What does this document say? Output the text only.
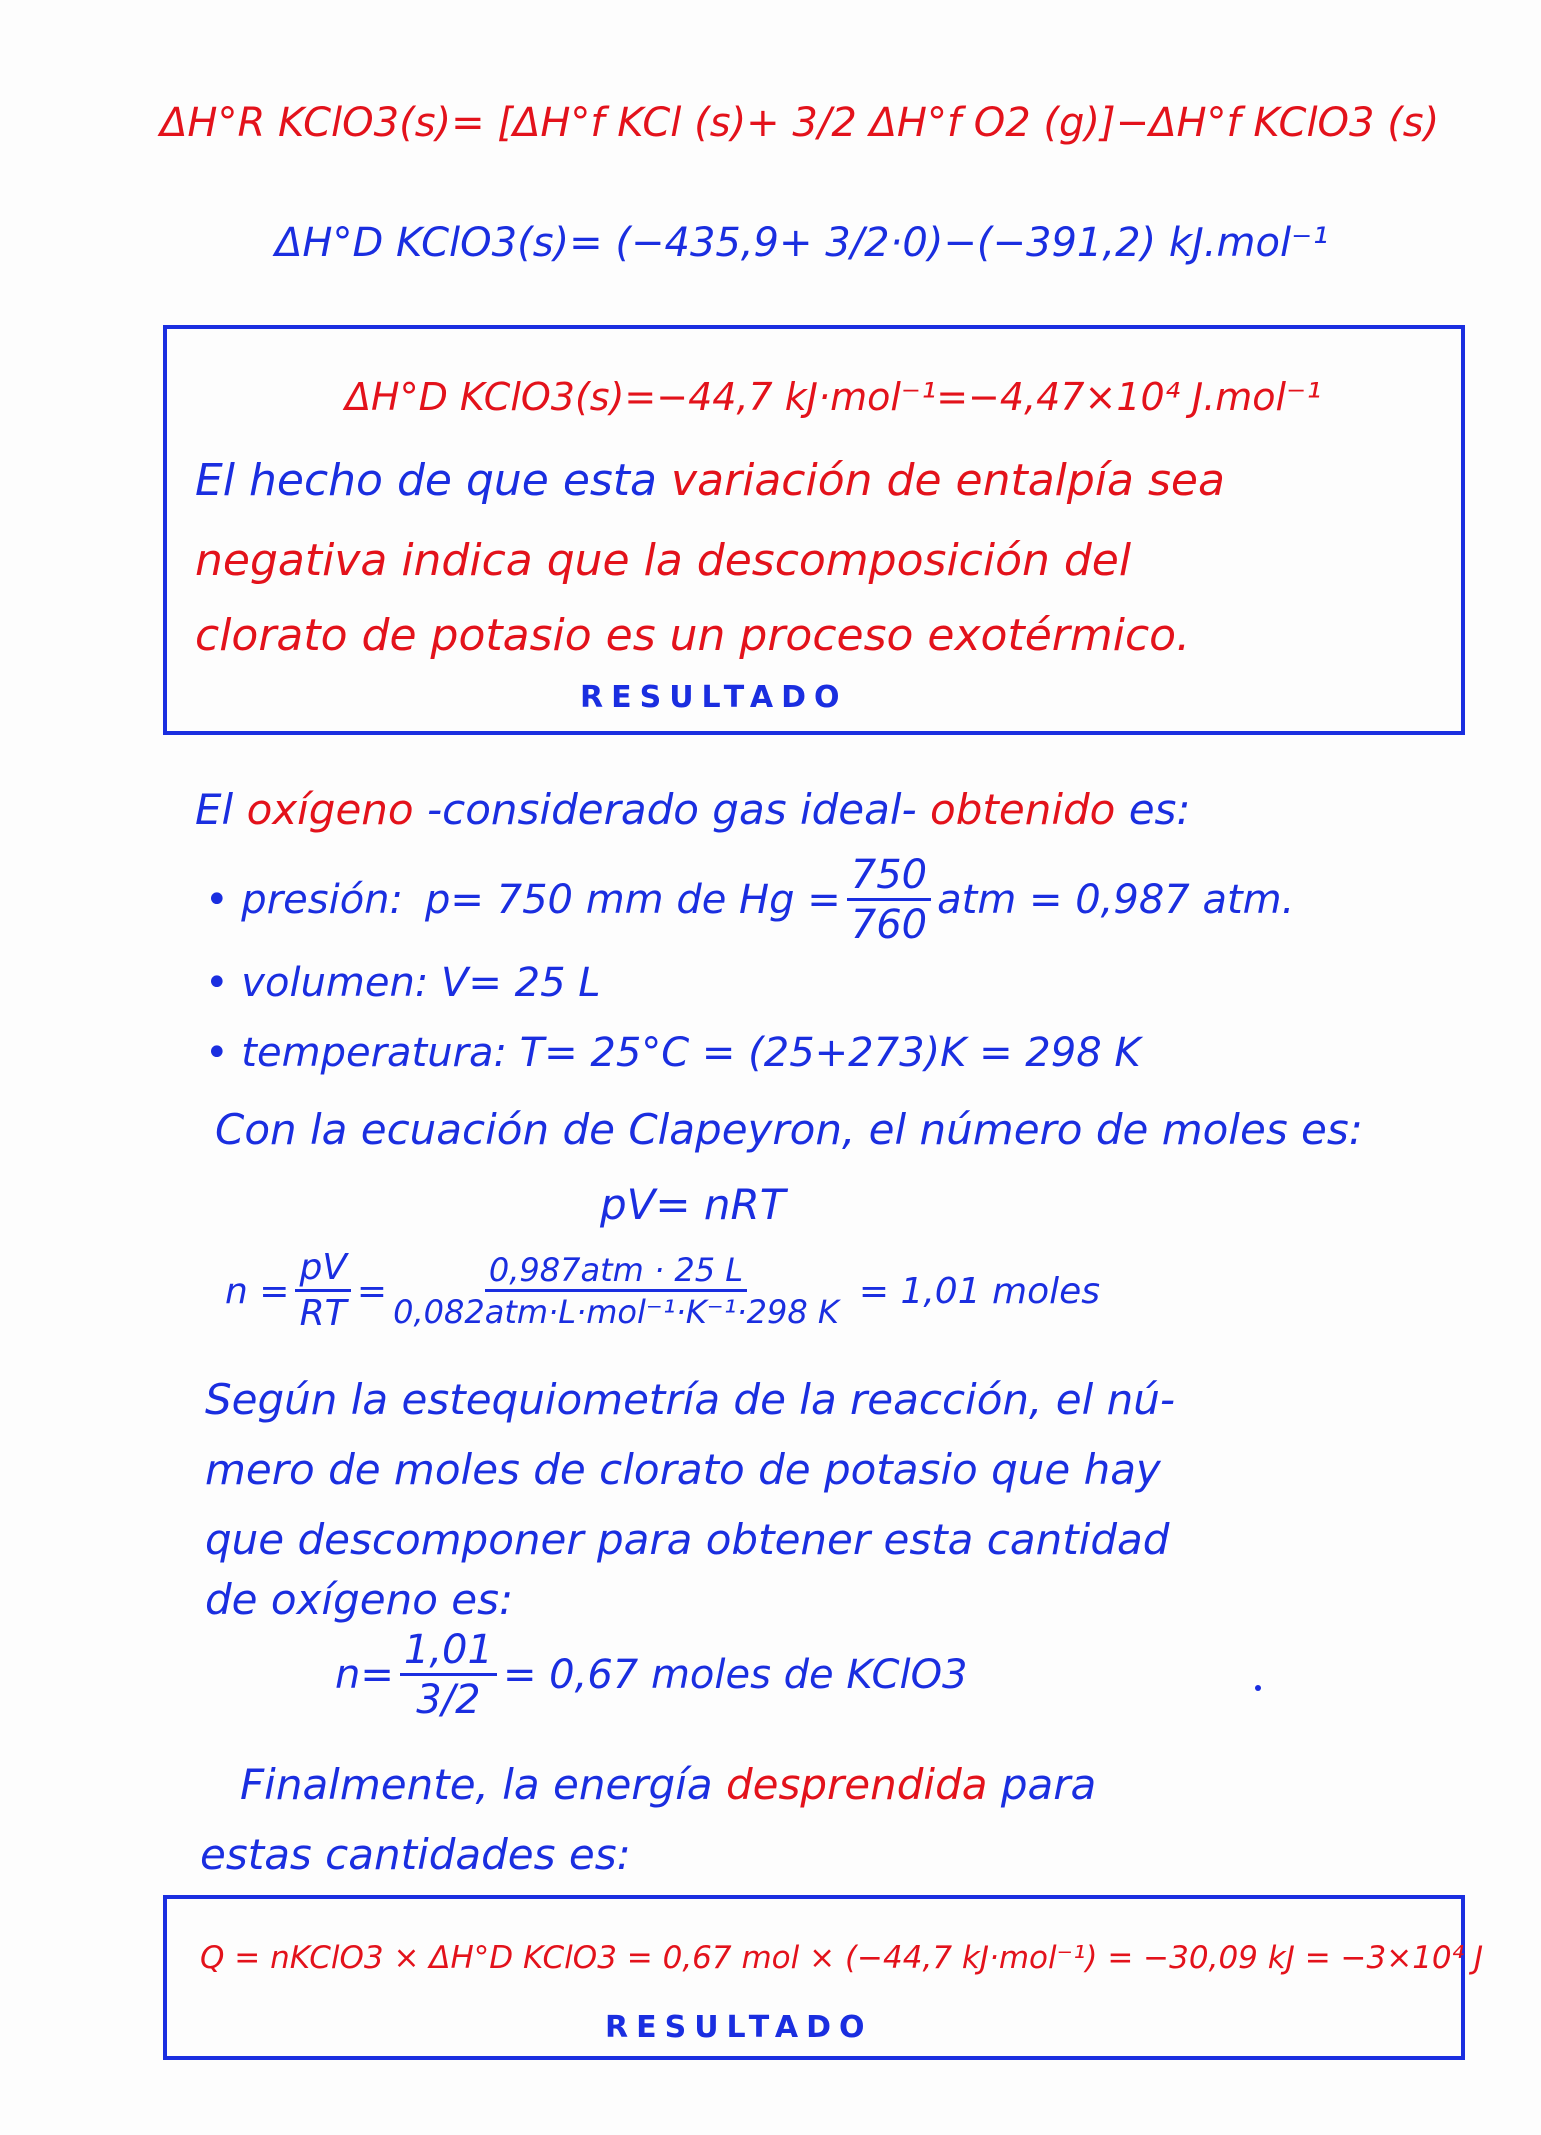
ΔH°R KClO3(s)= [ΔH°f KCl (s)+ 3/2 ΔH°f O2 (g)]−ΔH°f KClO3 (s)
ΔH°D KClO3(s)= (−435,9+ 3/2·0)−(−391,2) kJ.mol⁻¹
ΔH°D KClO3(s)=−44,7 kJ·mol⁻¹=−4,47×10⁴ J.mol⁻¹
El hecho de que esta variación de entalpía sea
negativa indica que la descomposición del
clorato de potasio es un proceso exotérmico.
RESULTADO
El oxígeno -considerado gas ideal- obtenido es:
• presión: p= 750 mm de $Hg = \frac{750}{760}$ atm = 0,987 atm.
• volumen: V= 25 L
• temperatura: T= 25°C = (25+273)K = 298 K
Con la ecuación de Clapeyron, el número de moles es:
pV= nRT
$n = \frac{pV}{RT} = \frac{\text{0,987atm · 25 L}}{\text{0,082atm·L·mol⁻¹·K⁻¹·298 K}} = 1,01$ moles
Según la estequiometría de la reacción, el nú-
mero de moles de clorato de potasio que hay
que descomponer para obtener esta cantidad
de oxígeno es:
$n= \frac{1,01}{3/2} = 0,67$ moles de KClO3
Finalmente, la energía desprendida para
estas cantidades es:
Q = nKClO3 × ΔH°D KClO3 = 0,67 mol × (−44,7 kJ·mol⁻¹) = −30,09 kJ = −3×10⁴ J
RESULTADO
